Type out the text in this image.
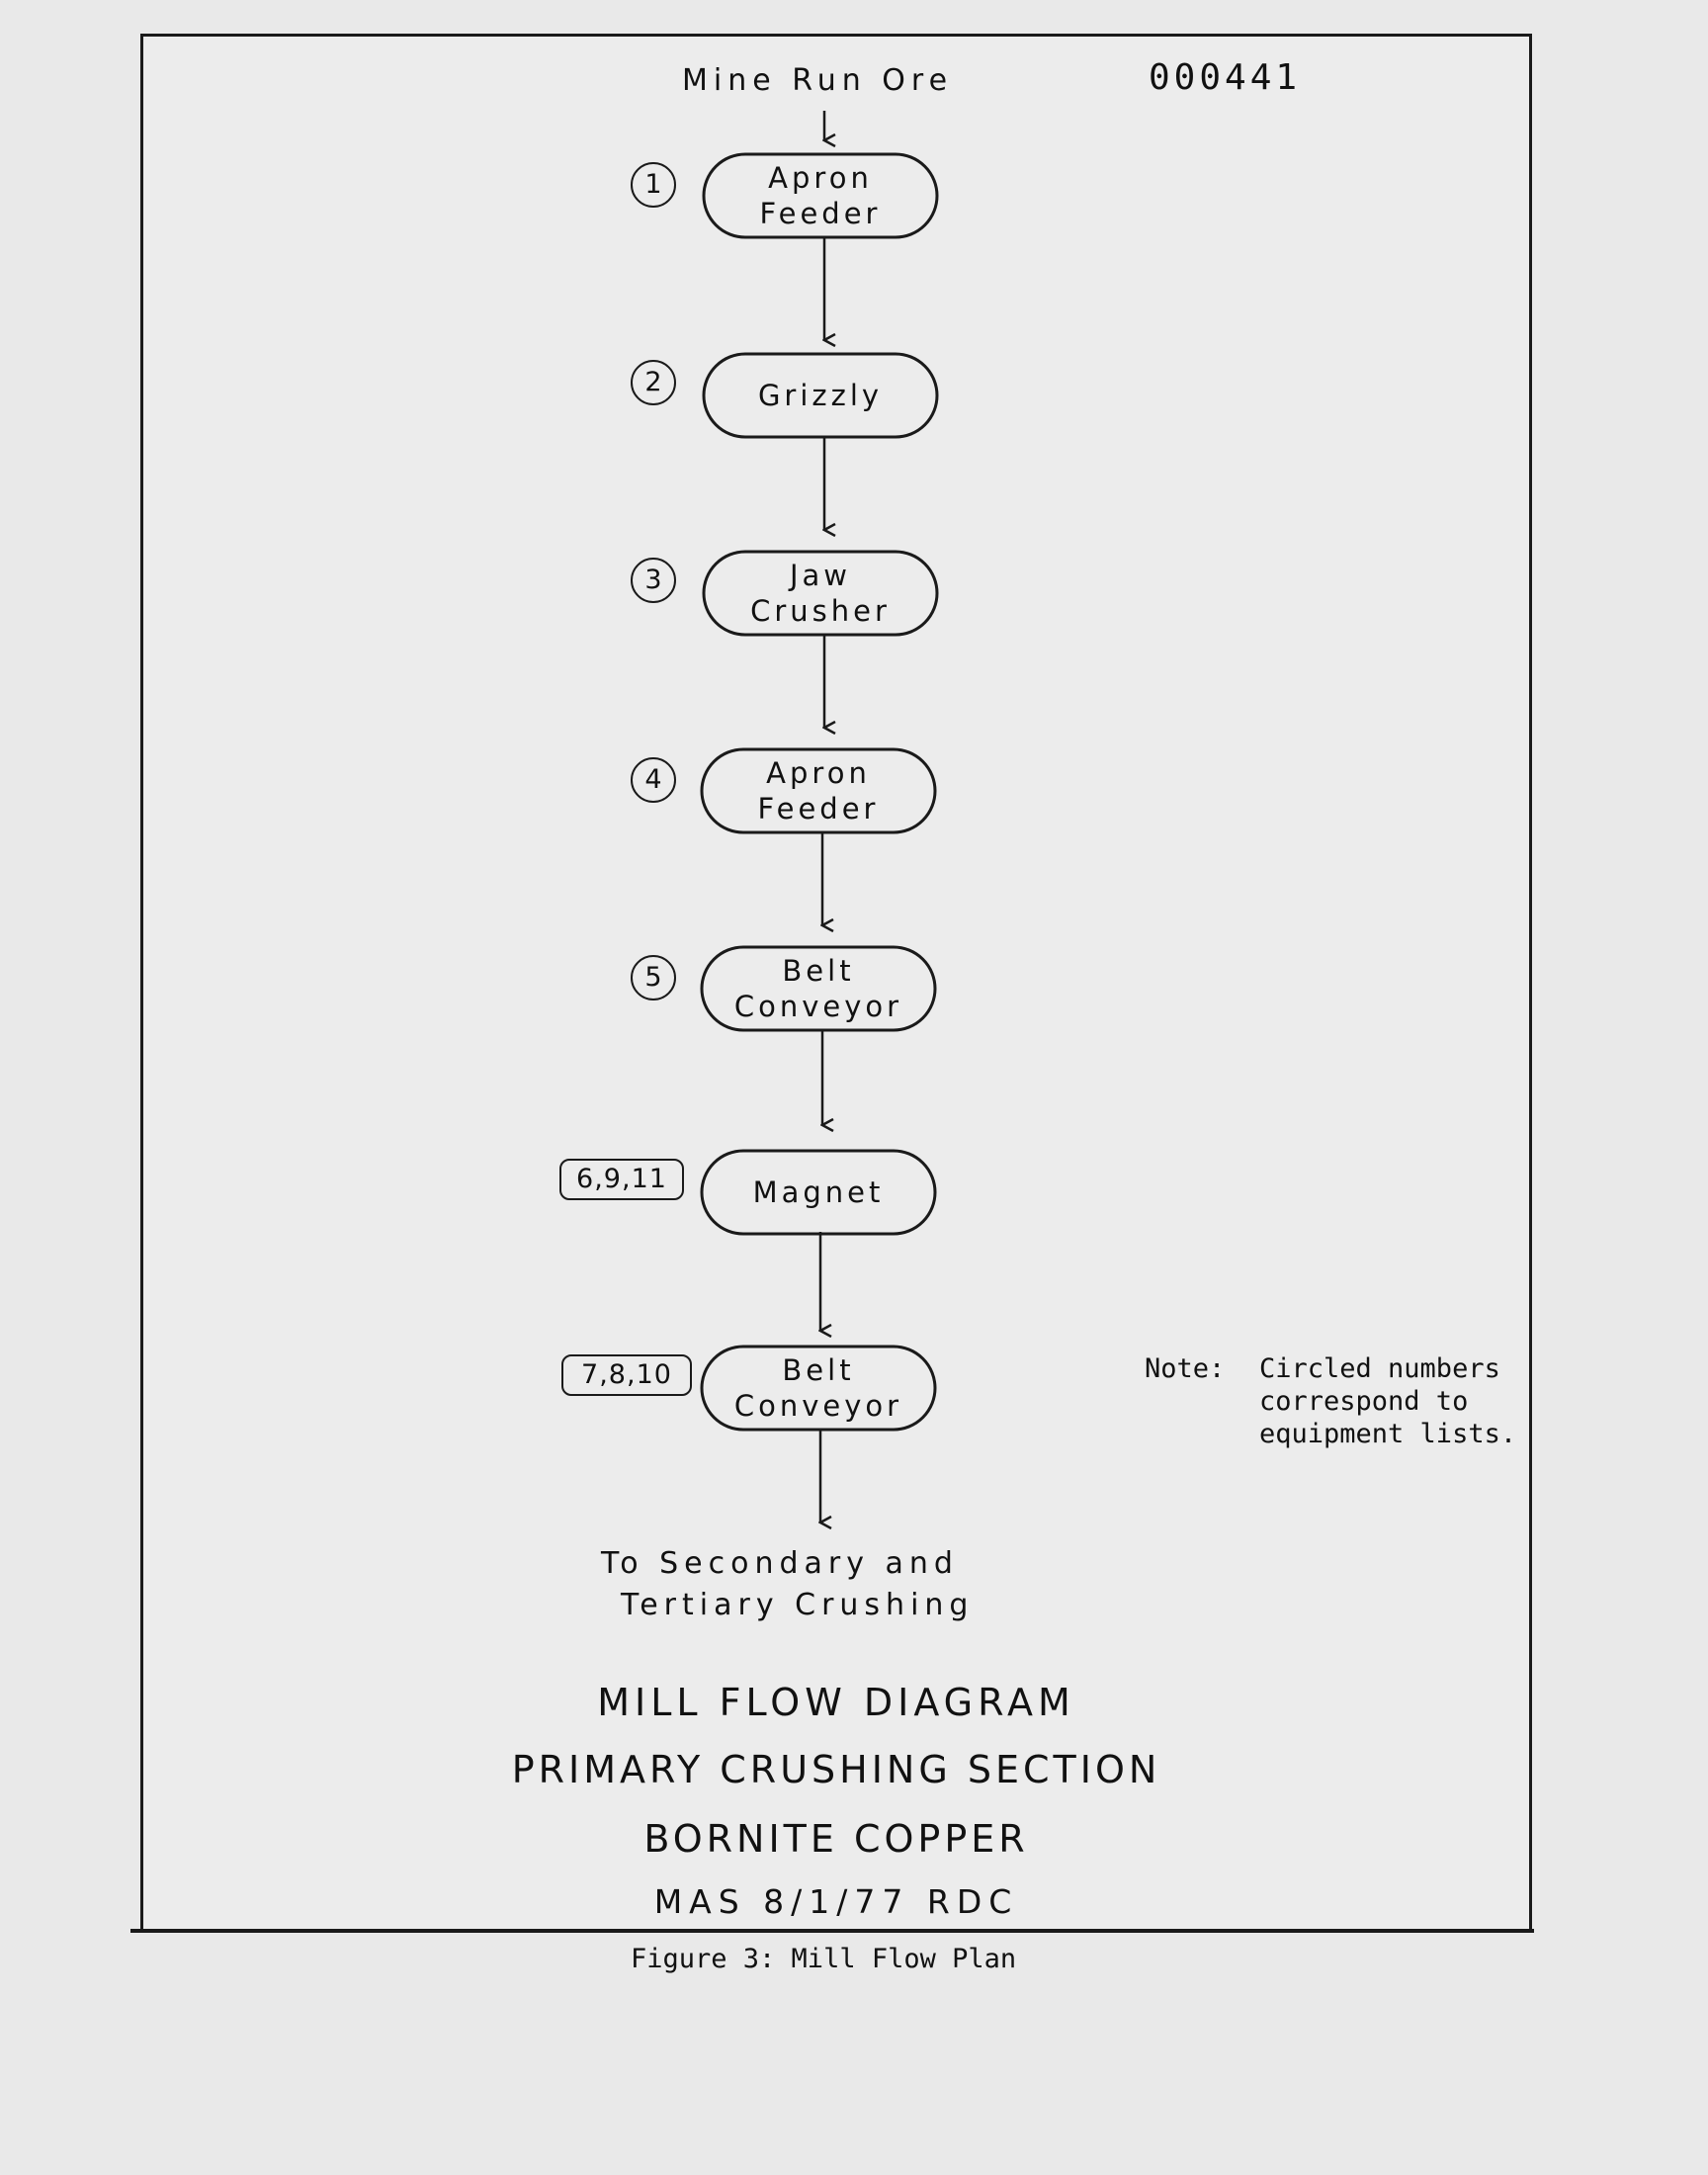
000441
Mine Run Ore
Apron
Feeder
1
Grizzly
2
Jaw
Crusher
3
Apron
Feeder
4
Belt
Conveyor
5
Magnet
6,9,11
Belt
Conveyor
7,8,10
To Secondary and
Tertiary Crushing
Note: Circled numbers
correspond to
equipment lists.
MILL FLOW DIAGRAM
PRIMARY CRUSHING SECTION
BORNITE COPPER
MAS 8/1/77 RDC
Figure 3: Mill Flow Plan
